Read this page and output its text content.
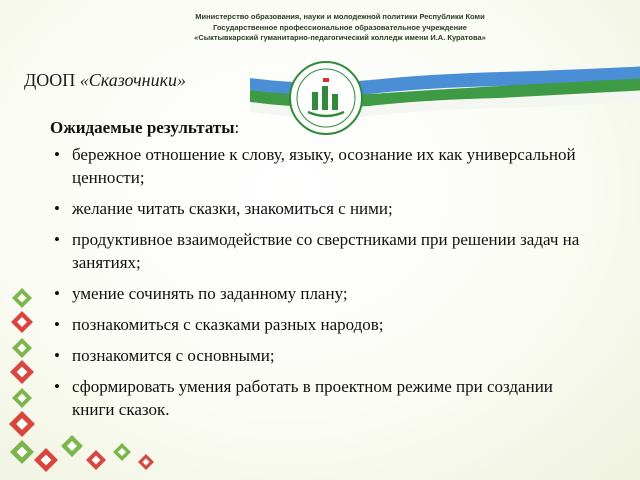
Министерство образования, науки и молодежной политики Республики Коми
Государственное профессиональное образовательное учреждение
«Сыктывкарский гуманитарно-педагогический колледж имени И.А. Куратова»
ДООП «Сказочники»
Ожидаемые результаты:
• бережное отношение к слову, языку, осознание их как универсальной ценности;
• желание читать сказки, знакомиться с ними;
• продуктивное взаимодействие со сверстниками при решении задач на занятиях;
• умение сочинять по заданному плану;
• познакомиться с сказками разных народов;
• познакомится с основными;
• сформировать умения работать в проектном режиме при создании книги сказок.
